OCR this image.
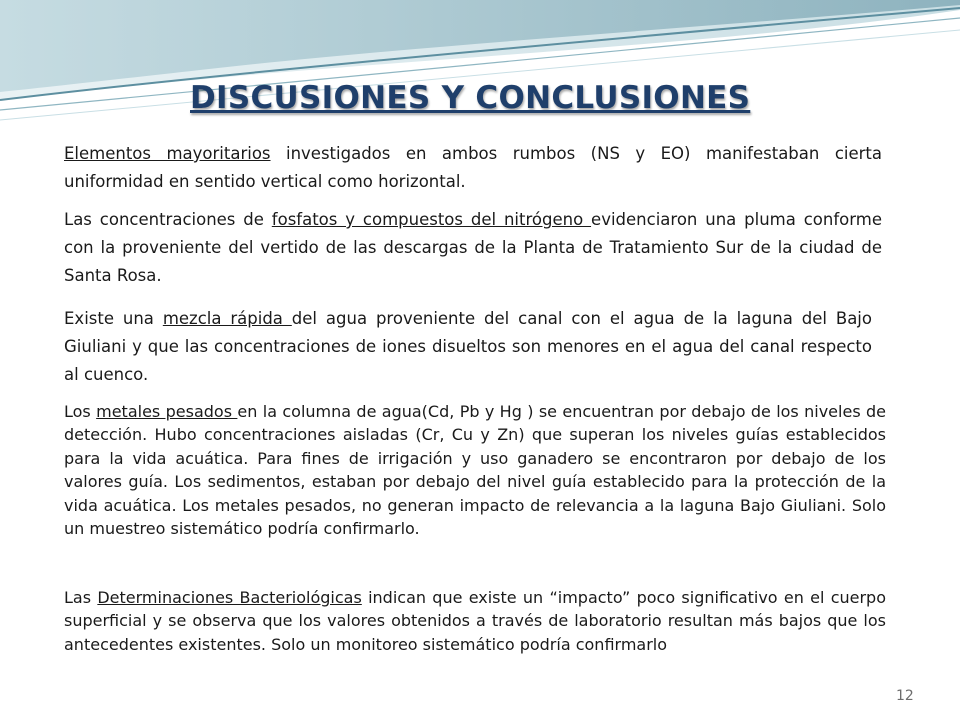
DISCUSIONES Y CONCLUSIONES

Elementos mayoritarios investigados en ambos rumbos (NS y EO) manifestaban cierta uniformidad en sentido vertical como horizontal.

Las concentraciones de fosfatos y compuestos del nitrógeno evidenciaron una pluma conforme con la proveniente del vertido de las descargas de la Planta de Tratamiento Sur de la ciudad de Santa Rosa.

Existe una mezcla rápida del agua proveniente del canal con el agua de la laguna del Bajo Giuliani y que las concentraciones de iones disueltos son menores en el agua del canal respecto al cuenco.

Los metales pesados en la columna de agua(Cd, Pb y Hg ) se encuentran por debajo de los niveles de detección. Hubo concentraciones aisladas (Cr, Cu y Zn) que superan los niveles guías establecidos para la vida acuática. Para fines de irrigación y uso ganadero se encontraron por debajo de los valores guía. Los sedimentos, estaban por debajo del nivel guía establecido para la protección de la vida acuática. Los metales pesados, no generan impacto de relevancia a la laguna Bajo Giuliani. Solo un muestreo sistemático podría confirmarlo.

Las Determinaciones Bacteriológicas indican que existe un “impacto” poco significativo en el cuerpo superficial y se observa que los valores obtenidos a través de laboratorio resultan más bajos que los antecedentes existentes. Solo un monitoreo sistemático podría confirmarlo

12
